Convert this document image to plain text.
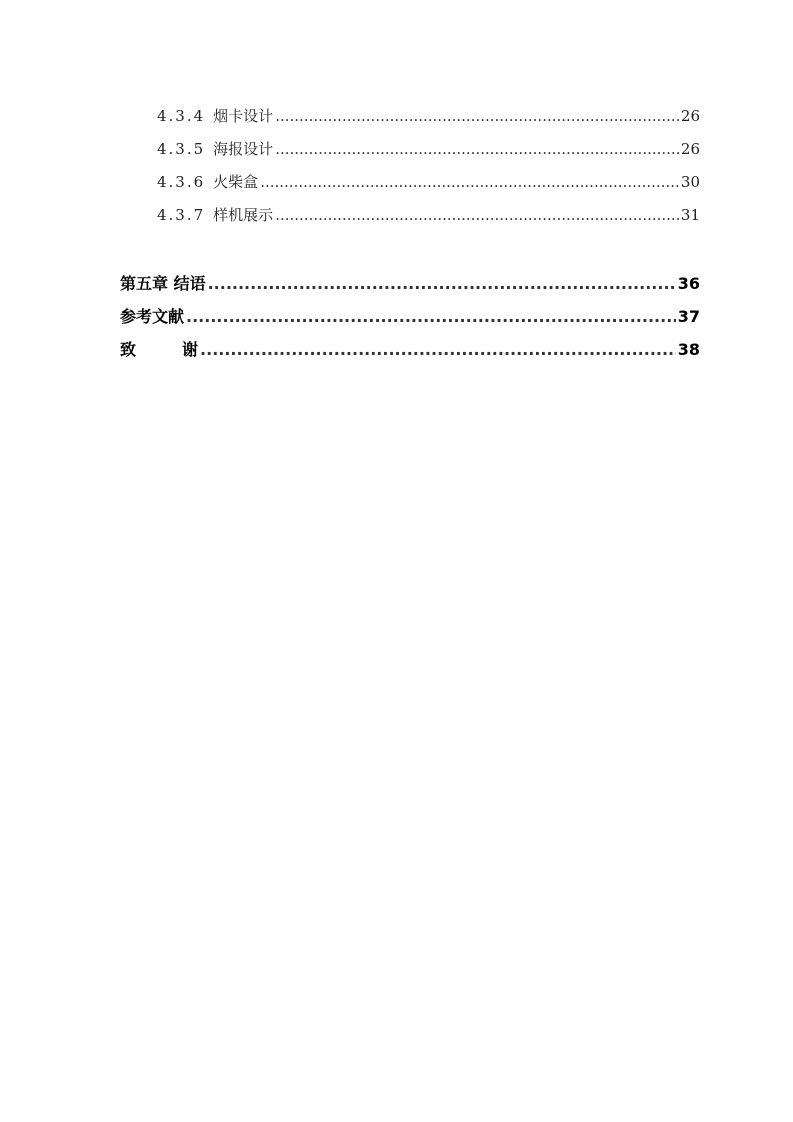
4.3.4 烟卡设计 .....	26
4.3.5 海报设计 .....	26
4.3.6 火柴盒 .....	30
4.3.7 样机展示 .....	31
第五章 结语 .....	36
参考文献 .....	37
致	谢 .....	38
